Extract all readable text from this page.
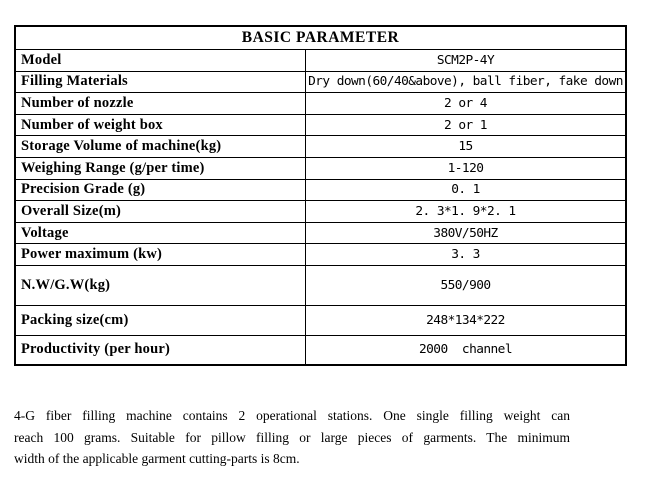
BASIC PARAMETER
Model	SCM2P-4Y
Filling Materials	Dry down(60/40&above), ball fiber, fake down
Number of nozzle	2 or 4
Number of weight box	2 or 1
Storage Volume of machine(kg)	15
Weighing Range (g/per time)	1-120
Precision Grade (g)	0. 1
Overall Size(m)	2. 3*1. 9*2. 1
Voltage	380V/50HZ
Power maximum (kw)	3. 3
N.W/G.W(kg)	550/900
Packing size(cm)	248*134*222
Productivity (per hour)	2000  channel
4-G fiber filling machine contains 2 operational stations. One single filling weight can
reach 100 grams. Suitable for pillow filling or large pieces of garments. The minimum
width of the applicable garment cutting-parts is 8cm.
